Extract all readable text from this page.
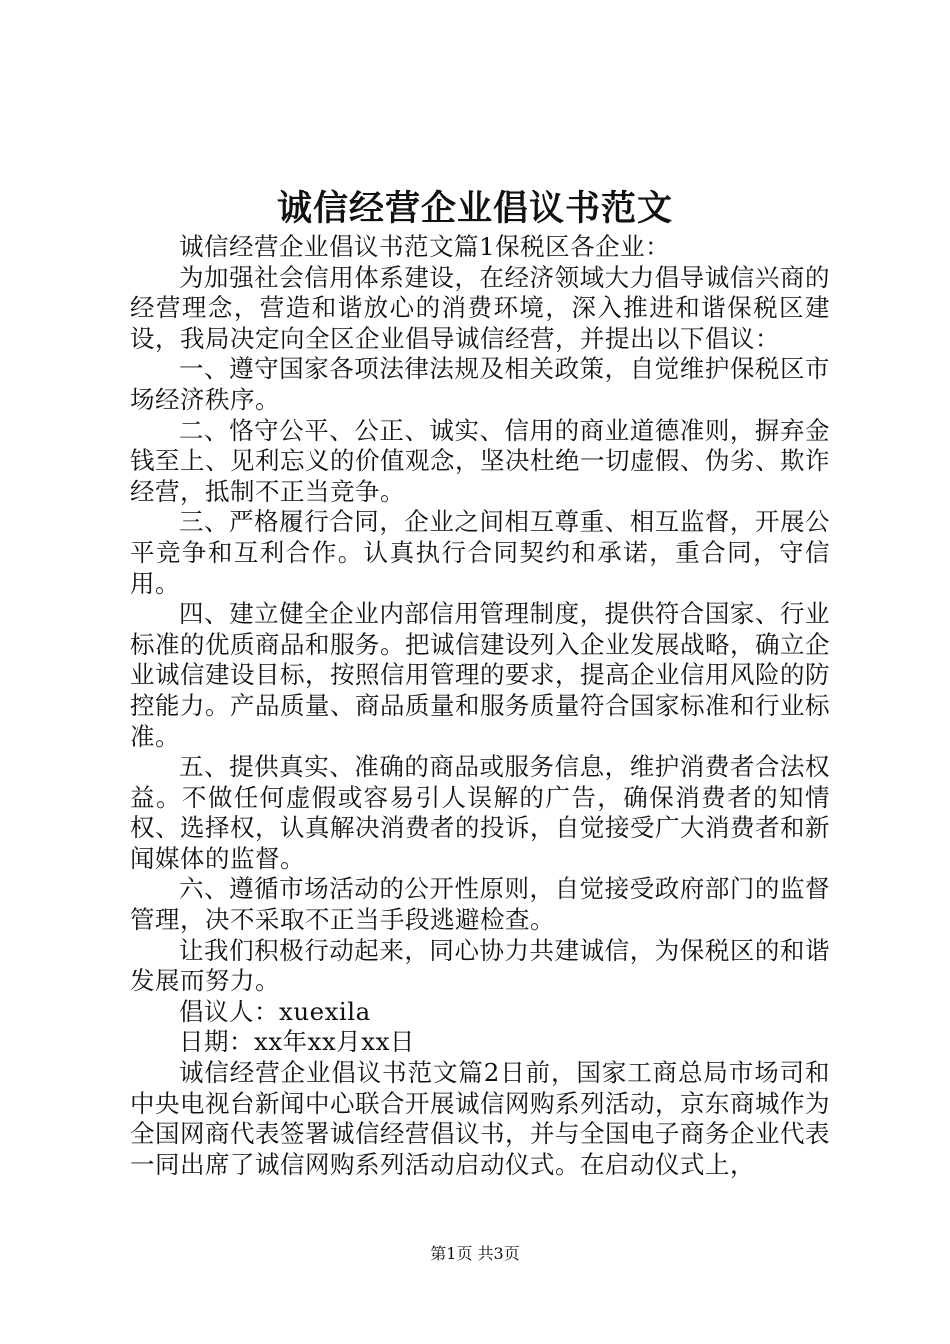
诚信经营企业倡议书范文

诚信经营企业倡议书范文篇1保税区各企业：

为加强社会信用体系建设，在经济领域大力倡导诚信兴商的经营理念，营造和谐放心的消费环境，深入推进和谐保税区建设，我局决定向全区企业倡导诚信经营，并提出以下倡议：

一、遵守国家各项法律法规及相关政策，自觉维护保税区市场经济秩序。

二、恪守公平、公正、诚实、信用的商业道德准则，摒弃金钱至上、见利忘义的价值观念，坚决杜绝一切虚假、伪劣、欺诈经营，抵制不正当竞争。

三、严格履行合同，企业之间相互尊重、相互监督，开展公平竞争和互利合作。认真执行合同契约和承诺，重合同，守信用。

四、建立健全企业内部信用管理制度，提供符合国家、行业标准的优质商品和服务。把诚信建设列入企业发展战略，确立企业诚信建设目标，按照信用管理的要求，提高企业信用风险的防控能力。产品质量、商品质量和服务质量符合国家标准和行业标准。

五、提供真实、准确的商品或服务信息，维护消费者合法权益。不做任何虚假或容易引人误解的广告，确保消费者的知情权、选择权，认真解决消费者的投诉，自觉接受广大消费者和新闻媒体的监督。

六、遵循市场活动的公开性原则，自觉接受政府部门的监督管理，决不采取不正当手段逃避检查。

让我们积极行动起来，同心协力共建诚信，为保税区的和谐发展而努力。

倡议人：xuexila

日期：xx年xx月xx日

诚信经营企业倡议书范文篇2日前，国家工商总局市场司和中央电视台新闻中心联合开展诚信网购系列活动，京东商城作为全国网商代表签署诚信经营倡议书，并与全国电子商务企业代表一同出席了诚信网购系列活动启动仪式。在启动仪式上，

第1页 共3页
